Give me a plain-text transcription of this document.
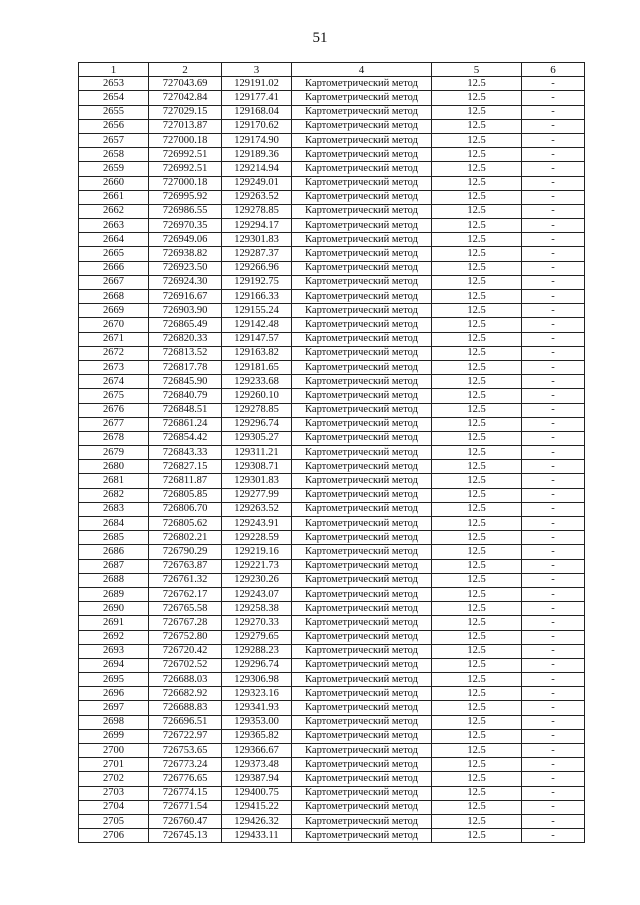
51
1	2	3	4	5	6
2653	727043.69	129191.02	Картометрический метод	12.5	-
2654	727042.84	129177.41	Картометрический метод	12.5	-
2655	727029.15	129168.04	Картометрический метод	12.5	-
2656	727013.87	129170.62	Картометрический метод	12.5	-
2657	727000.18	129174.90	Картометрический метод	12.5	-
2658	726992.51	129189.36	Картометрический метод	12.5	-
2659	726992.51	129214.94	Картометрический метод	12.5	-
2660	727000.18	129249.01	Картометрический метод	12.5	-
2661	726995.92	129263.52	Картометрический метод	12.5	-
2662	726986.55	129278.85	Картометрический метод	12.5	-
2663	726970.35	129294.17	Картометрический метод	12.5	-
2664	726949.06	129301.83	Картометрический метод	12.5	-
2665	726938.82	129287.37	Картометрический метод	12.5	-
2666	726923.50	129266.96	Картометрический метод	12.5	-
2667	726924.30	129192.75	Картометрический метод	12.5	-
2668	726916.67	129166.33	Картометрический метод	12.5	-
2669	726903.90	129155.24	Картометрический метод	12.5	-
2670	726865.49	129142.48	Картометрический метод	12.5	-
2671	726820.33	129147.57	Картометрический метод	12.5	-
2672	726813.52	129163.82	Картометрический метод	12.5	-
2673	726817.78	129181.65	Картометрический метод	12.5	-
2674	726845.90	129233.68	Картометрический метод	12.5	-
2675	726840.79	129260.10	Картометрический метод	12.5	-
2676	726848.51	129278.85	Картометрический метод	12.5	-
2677	726861.24	129296.74	Картометрический метод	12.5	-
2678	726854.42	129305.27	Картометрический метод	12.5	-
2679	726843.33	129311.21	Картометрический метод	12.5	-
2680	726827.15	129308.71	Картометрический метод	12.5	-
2681	726811.87	129301.83	Картометрический метод	12.5	-
2682	726805.85	129277.99	Картометрический метод	12.5	-
2683	726806.70	129263.52	Картометрический метод	12.5	-
2684	726805.62	129243.91	Картометрический метод	12.5	-
2685	726802.21	129228.59	Картометрический метод	12.5	-
2686	726790.29	129219.16	Картометрический метод	12.5	-
2687	726763.87	129221.73	Картометрический метод	12.5	-
2688	726761.32	129230.26	Картометрический метод	12.5	-
2689	726762.17	129243.07	Картометрический метод	12.5	-
2690	726765.58	129258.38	Картометрический метод	12.5	-
2691	726767.28	129270.33	Картометрический метод	12.5	-
2692	726752.80	129279.65	Картометрический метод	12.5	-
2693	726720.42	129288.23	Картометрический метод	12.5	-
2694	726702.52	129296.74	Картометрический метод	12.5	-
2695	726688.03	129306.98	Картометрический метод	12.5	-
2696	726682.92	129323.16	Картометрический метод	12.5	-
2697	726688.83	129341.93	Картометрический метод	12.5	-
2698	726696.51	129353.00	Картометрический метод	12.5	-
2699	726722.97	129365.82	Картометрический метод	12.5	-
2700	726753.65	129366.67	Картометрический метод	12.5	-
2701	726773.24	129373.48	Картометрический метод	12.5	-
2702	726776.65	129387.94	Картометрический метод	12.5	-
2703	726774.15	129400.75	Картометрический метод	12.5	-
2704	726771.54	129415.22	Картометрический метод	12.5	-
2705	726760.47	129426.32	Картометрический метод	12.5	-
2706	726745.13	129433.11	Картометрический метод	12.5	-
